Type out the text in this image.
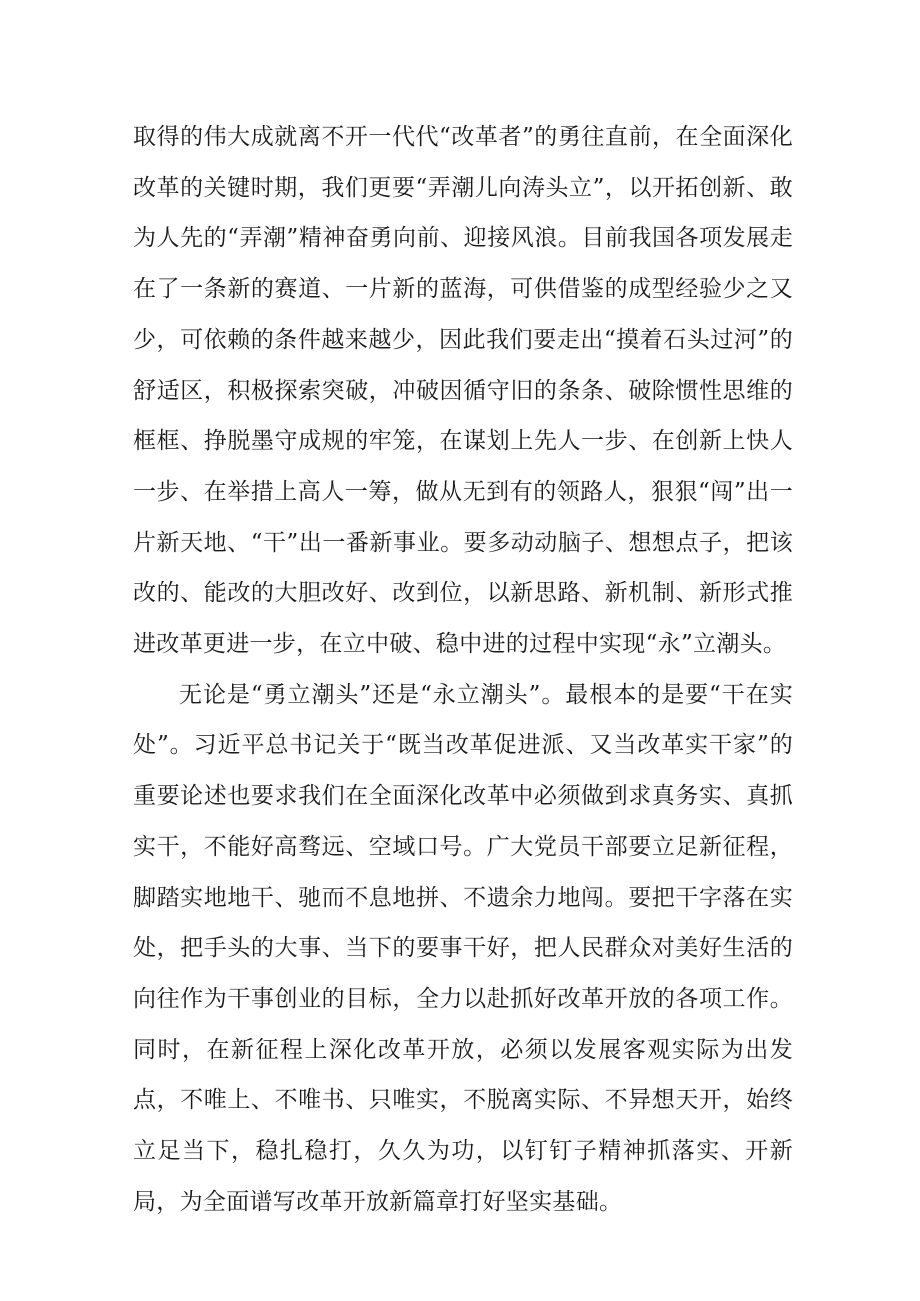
取得的伟大成就离不开一代代“改革者”的勇往直前，在全面深化改革的关键时期，我们更要“弄潮儿向涛头立”，以开拓创新、敢为人先的“弄潮”精神奋勇向前、迎接风浪。目前我国各项发展走在了一条新的赛道、一片新的蓝海，可供借鉴的成型经验少之又少，可依赖的条件越来越少，因此我们要走出“摸着石头过河”的舒适区，积极探索突破，冲破因循守旧的条条、破除惯性思维的框框、挣脱墨守成规的牢笼，在谋划上先人一步、在创新上快人一步、在举措上高人一筹，做从无到有的领路人，狠狠“闯”出一片新天地、“干”出一番新事业。要多动动脑子、想想点子，把该改的、能改的大胆改好、改到位，以新思路、新机制、新形式推进改革更进一步，在立中破、稳中进的过程中实现“永”立潮头。

无论是“勇立潮头”还是“永立潮头”。最根本的是要“干在实处”。习近平总书记关于“既当改革促进派、又当改革实干家”的重要论述也要求我们在全面深化改革中必须做到求真务实、真抓实干，不能好高骛远、空域口号。广大党员干部要立足新征程，脚踏实地地干、驰而不息地拼、不遗余力地闯。要把干字落在实处，把手头的大事、当下的要事干好，把人民群众对美好生活的向往作为干事创业的目标，全力以赴抓好改革开放的各项工作。同时，在新征程上深化改革开放，必须以发展客观实际为出发点，不唯上、不唯书、只唯实，不脱离实际、不异想天开，始终立足当下，稳扎稳打，久久为功，以钉钉子精神抓落实、开新局，为全面谱写改革开放新篇章打好坚实基础。
